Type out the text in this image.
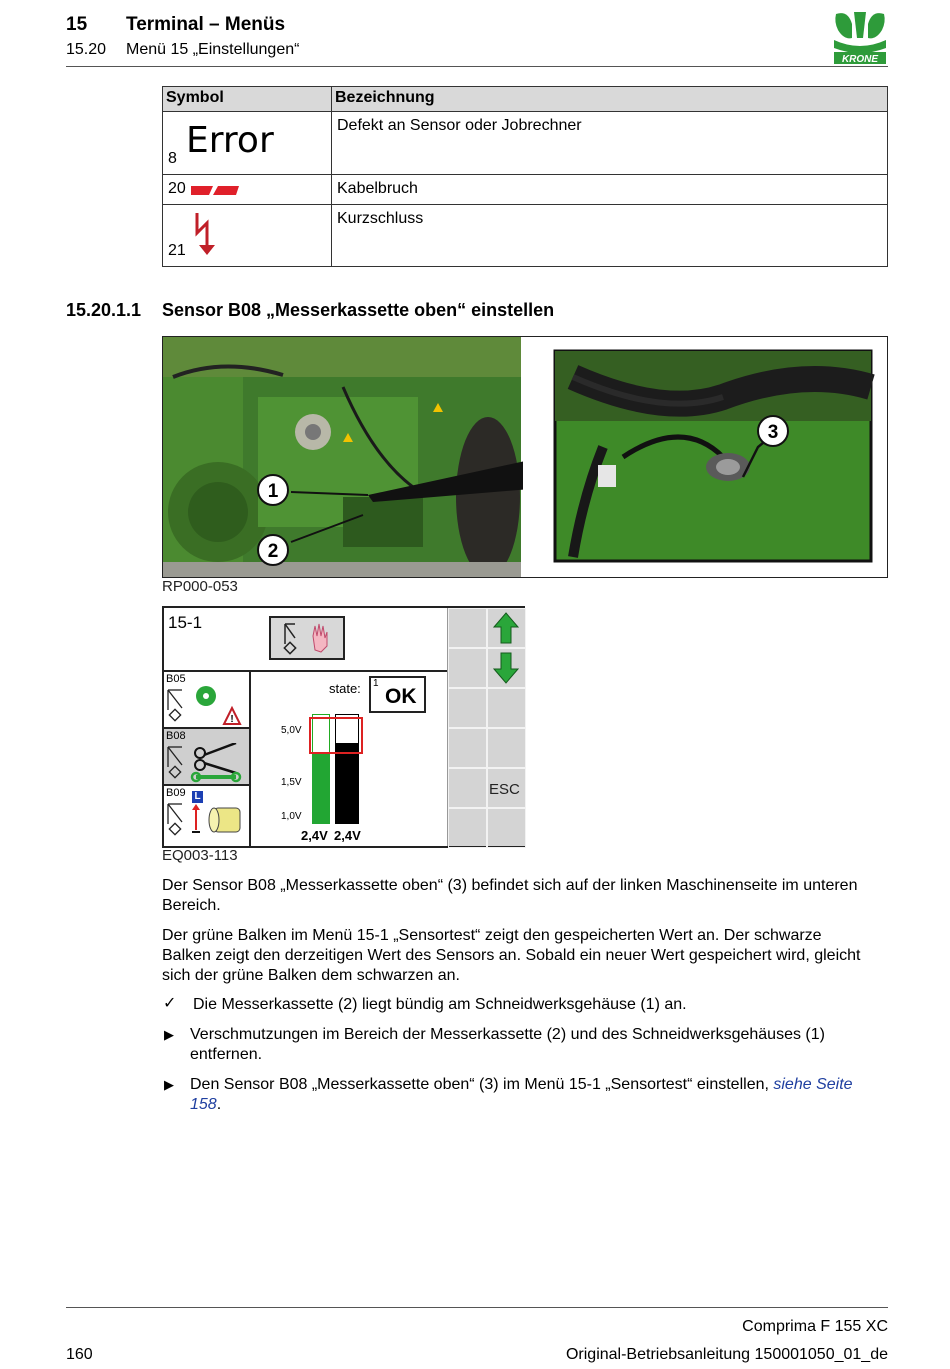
15 Terminal – Menüs
15.20 Menü 15 „Einstellungen“
KRONE
Symbol	Bezeichnung

8 Error	Defekt an Sensor oder Jobrechner

20	Kabelbruch

21	Kurzschluss
15.20.1.1 Sensor B08 „Messerkassette oben“ einstellen
1
2
3
RP000-053
15-1
B05
!
B08
B09 L
state: 1
OK
5,0V
1,5V
1,0V
2,4V 2,4V
ESC
EQ003-113
Der Sensor B08 „Messerkassette oben“ (3) befindet sich auf der linken Maschinenseite im unteren Bereich.
Der grüne Balken im Menü 15-1 „Sensortest“ zeigt den gespeicherten Wert an. Der schwarze Balken zeigt den derzeitigen Wert des Sensors an. Sobald ein neuer Wert gespeichert wird, gleicht sich der grüne Balken dem schwarzen an.
✓ Die Messerkassette (2) liegt bündig am Schneidwerksgehäuse (1) an.
▶ Verschmutzungen im Bereich der Messerkassette (2) und des Schneidwerksgehäuses (1) entfernen.
▶ Den Sensor B08 „Messerkassette oben“ (3) im Menü 15-1 „Sensortest“ einstellen, siehe Seite 158.
Comprima F 155 XC
160	Original-Betriebsanleitung 150001050_01_de
